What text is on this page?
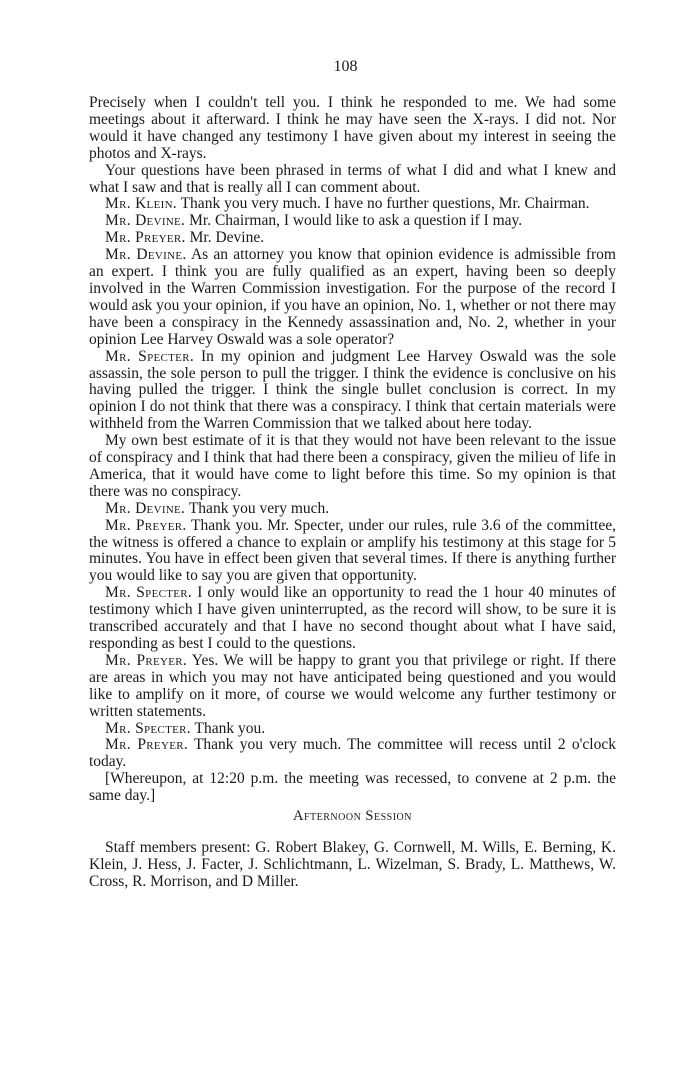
108

Precisely when I couldn't tell you. I think he responded to me. We had some meetings about it afterward. I think he may have seen the X-rays. I did not. Nor would it have changed any testimony I have given about my interest in seeing the photos and X-rays.

Your questions have been phrased in terms of what I did and what I knew and what I saw and that is really all I can comment about.

Mr. Klein. Thank you very much. I have no further questions, Mr. Chairman.

Mr. Devine. Mr. Chairman, I would like to ask a question if I may.

Mr. Preyer. Mr. Devine.

Mr. Devine. As an attorney you know that opinion evidence is admissible from an expert. I think you are fully qualified as an expert, having been so deeply involved in the Warren Commission investigation. For the purpose of the record I would ask you your opinion, if you have an opinion, No. 1, whether or not there may have been a conspiracy in the Kennedy assassination and, No. 2, whether in your opinion Lee Harvey Oswald was a sole operator?

Mr. Specter. In my opinion and judgment Lee Harvey Oswald was the sole assassin, the sole person to pull the trigger. I think the evidence is conclusive on his having pulled the trigger. I think the single bullet conclusion is correct. In my opinion I do not think that there was a conspiracy. I think that certain materials were withheld from the Warren Commission that we talked about here today.

My own best estimate of it is that they would not have been relevant to the issue of conspiracy and I think that had there been a conspiracy, given the milieu of life in America, that it would have come to light before this time. So my opinion is that there was no conspiracy.

Mr. Devine. Thank you very much.

Mr. Preyer. Thank you. Mr. Specter, under our rules, rule 3.6 of the committee, the witness is offered a chance to explain or amplify his testimony at this stage for 5 minutes. You have in effect been given that several times. If there is anything further you would like to say you are given that opportunity.

Mr. Specter. I only would like an opportunity to read the 1 hour 40 minutes of testimony which I have given uninterrupted, as the record will show, to be sure it is transcribed accurately and that I have no second thought about what I have said, responding as best I could to the questions.

Mr. Preyer. Yes. We will be happy to grant you that privilege or right. If there are areas in which you may not have anticipated being questioned and you would like to amplify on it more, of course we would welcome any further testimony or written statements.

Mr. Specter. Thank you.

Mr. Preyer. Thank you very much. The committee will recess until 2 o'clock today.

[Whereupon, at 12:20 p.m. the meeting was recessed, to convene at 2 p.m. the same day.]

Afternoon Session

Staff members present: G. Robert Blakey, G. Cornwell, M. Wills, E. Berning, K. Klein, J. Hess, J. Facter, J. Schlichtmann, L. Wizelman, S. Brady, L. Matthews, W. Cross, R. Morrison, and D Miller.
